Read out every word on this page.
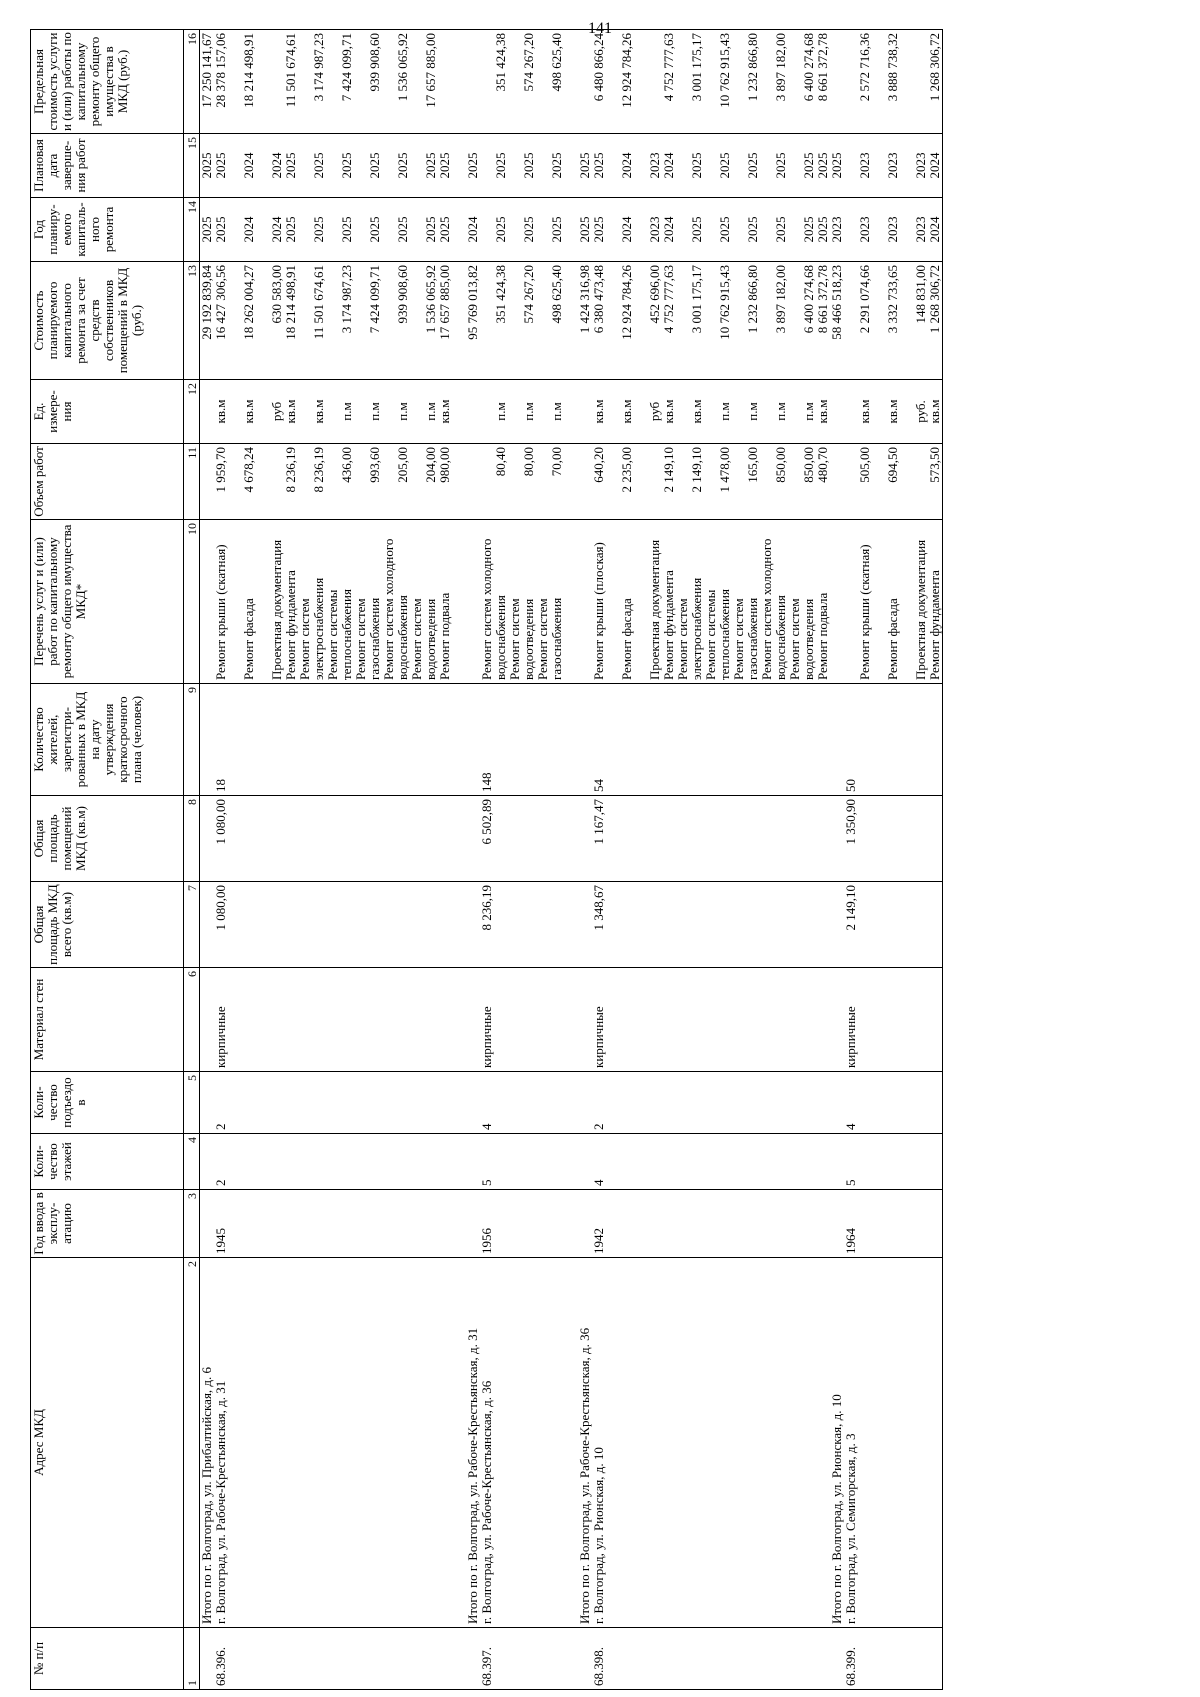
141
№ п/п	Адрес МКД	Год ввода в эксплу-атацию	Коли-чество этажей	Коли-чество подъездо в	Материал стен	Общая площадь МКД всего (кв.м)	Общая площадь помещений МКД (кв.м)	Количество жителей, зарегистри-рованных в МКД на дату утверждения краткосрочного плана (человек)	Перечень услуг и (или) работ по капитальному ремонту общего имущества МКД*	Объем работ	Ед. измере-ния	Стоимость планируемого капитального ремонта за счет средств собственников помещений в МКД (руб.)	Год планиру-емого капиталь-ного ремонта	Плановая дата заверше-ния работ	Предельная стоимость услуги и (или) работы по капитальному ремонту общего имущества в МКД (руб.)
1	2	3	4	5	6	7	8	9	10	11	12	13	14	15	16
	Итого по г. Волгоград, ул. Прибалтийская, д. 6											29 192 839,84	2025	2025	17 250 141,67
68.396.	г. Волгоград, ул. Рабоче-Крестьянская, д. 31	1945	2	2	кирпичные	1 080,00	1 080,00	18	Ремонт крыши (скатная)	1 959,70	кв.м	16 427 306,56	2025	2025	28 378 157,06

									Ремонт фасада	4 678,24	кв.м	18 262 004,27	2024	2024	18 214 498,91

									Проектная документация		руб	630 583,00	2024	2024	
									Ремонт фундамента	8 236,19	кв.м	18 214 498,91	2025	2025	11 501 674,61
									Ремонт систем						
									электроснабжения	8 236,19	кв.м	11 501 674,61	2025	2025	3 174 987,23
									Ремонт системы						
									теплоснабжения	436,00	п.м	3 174 987,23	2025	2025	7 424 099,71
									Ремонт систем						
									газоснабжения	993,60	п.м	7 424 099,71	2025	2025	939 908,60
									Ремонт систем холодного						
									водоснабжения	205,00	п.м	939 908,60	2025	2025	1 536 065,92
									Ремонт систем						
									водоотведения	204,00	п.м	1 536 065,92	2025	2025	17 657 885,00
									Ремонт подвала	980,00	кв.м	17 657 885,00	2025	2025	

	Итого по г. Волгоград, ул. Рабоче-Крестьянская, д. 31											95 769 013,82	2024	2025	
68.397.	г. Волгоград, ул. Рабоче-Крестьянская, д. 36	1956	5	4	кирпичные	8 236,19	6 502,89	148	Ремонт систем холодного						
									водоснабжения	80,40	п.м	351 424,38	2025	2025	351 424,38
									Ремонт систем						
									водоотведения	80,00	п.м	574 267,20	2025	2025	574 267,20
									Ремонт систем						
									газоснабжения	70,00	п.м	498 625,40	2025	2025	498 625,40

	Итого по г. Волгоград, ул. Рабоче-Крестьянская, д. 36											1 424 316,98	2025	2025	
68.398.	г. Волгоград, ул. Рионская, д. 10	1942	4	2	кирпичные	1 348,67	1 167,47	54	Ремонт крыши (плоская)	640,20	кв.м	6 380 473,48	2025	2025	6 480 866,24

									Ремонт фасада	2 235,00	кв.м	12 924 784,26	2024	2024	12 924 784,26

									Проектная документация		руб	452 696,00	2023	2023	
									Ремонт фундамента	2 149,10	кв.м	4 752 777,63	2024	2024	4 752 777,63
									Ремонт систем						
									электроснабжения	2 149,10	кв.м	3 001 175,17	2025	2025	3 001 175,17
									Ремонт системы						
									теплоснабжения	1 478,00	п.м	10 762 915,43	2025	2025	10 762 915,43
									Ремонт систем						
									газоснабжения	165,00	п.м	1 232 866,80	2025	2025	1 232 866,80
									Ремонт систем холодного						
									водоснабжения	850,00	п.м	3 897 182,00	2025	2025	3 897 182,00
									Ремонт систем						
									водоотведения	850,00	п.м	6 400 274,68	2025	2025	6 400 274,68
									Ремонт подвала	480,70	кв.м	8 661 372,78	2025	2025	8 661 372,78
	Итого по г. Волгоград, ул. Рионская, д. 10											58 466 518,23	2023	2025	
68.399.	г. Волгоград, ул. Семигорская, д. 3	1964	5	4	кирпичные	2 149,10	1 350,90	50							
									Ремонт крыши (скатная)	505,00	кв.м	2 291 074,66	2023	2023	2 572 716,36

									Ремонт фасада	694,50	кв.м	3 332 733,65	2023	2023	3 888 738,32

									Проектная документация		руб.	148 831,00	2023	2023	
									Ремонт фундамента	573,50	кв.м	1 268 306,72	2024	2024	1 268 306,72
